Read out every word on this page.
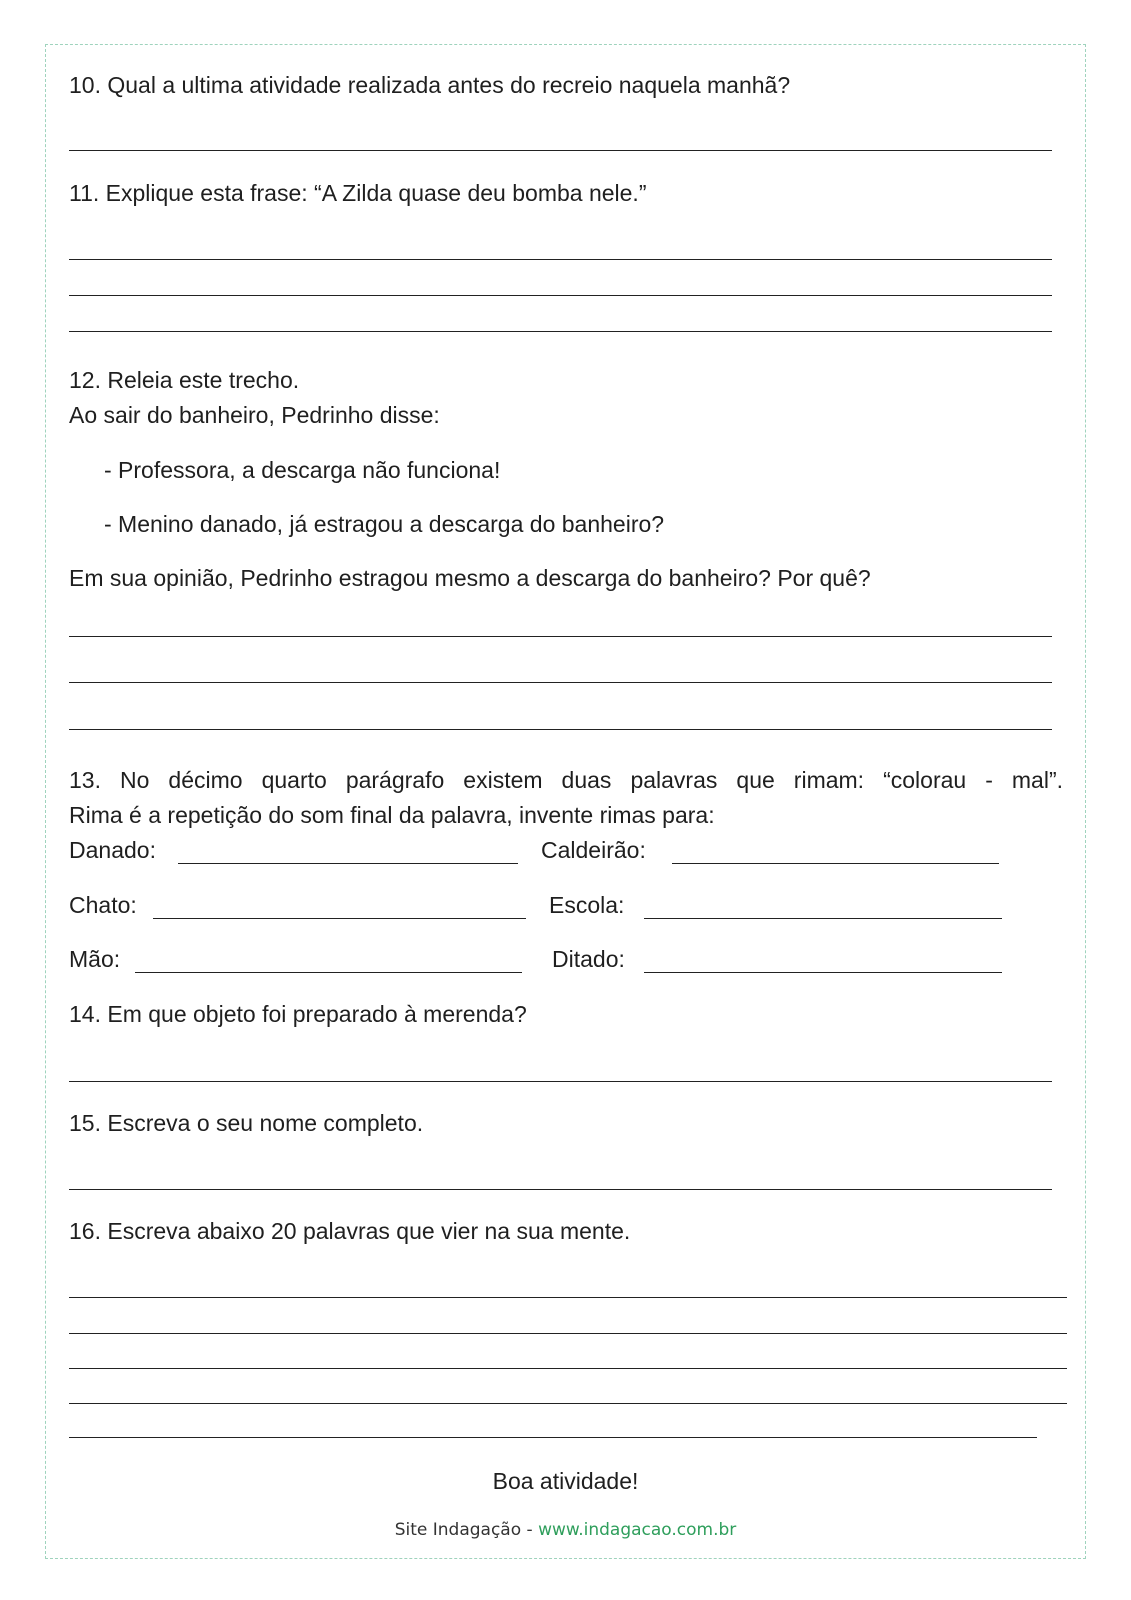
10. Qual a ultima atividade realizada antes do recreio naquela manhã?
11. Explique esta frase: “A Zilda quase deu bomba nele.”
12. Releia este trecho.
Ao sair do banheiro, Pedrinho disse:
- Professora, a descarga não funciona!
- Menino danado, já estragou a descarga do banheiro?
Em sua opinião, Pedrinho estragou mesmo a descarga do banheiro? Por quê?
13. No décimo quarto parágrafo existem duas palavras que rimam: “colorau - mal”.
Rima é a repetição do som final da palavra, invente rimas para:
Danado:	Caldeirão:
Chato:	Escola:
Mão:	Ditado:
14. Em que objeto foi preparado à merenda?
15. Escreva o seu nome completo.
16. Escreva abaixo 20 palavras que vier na sua mente.
Boa atividade!
Site Indagação - www.indagacao.com.br
